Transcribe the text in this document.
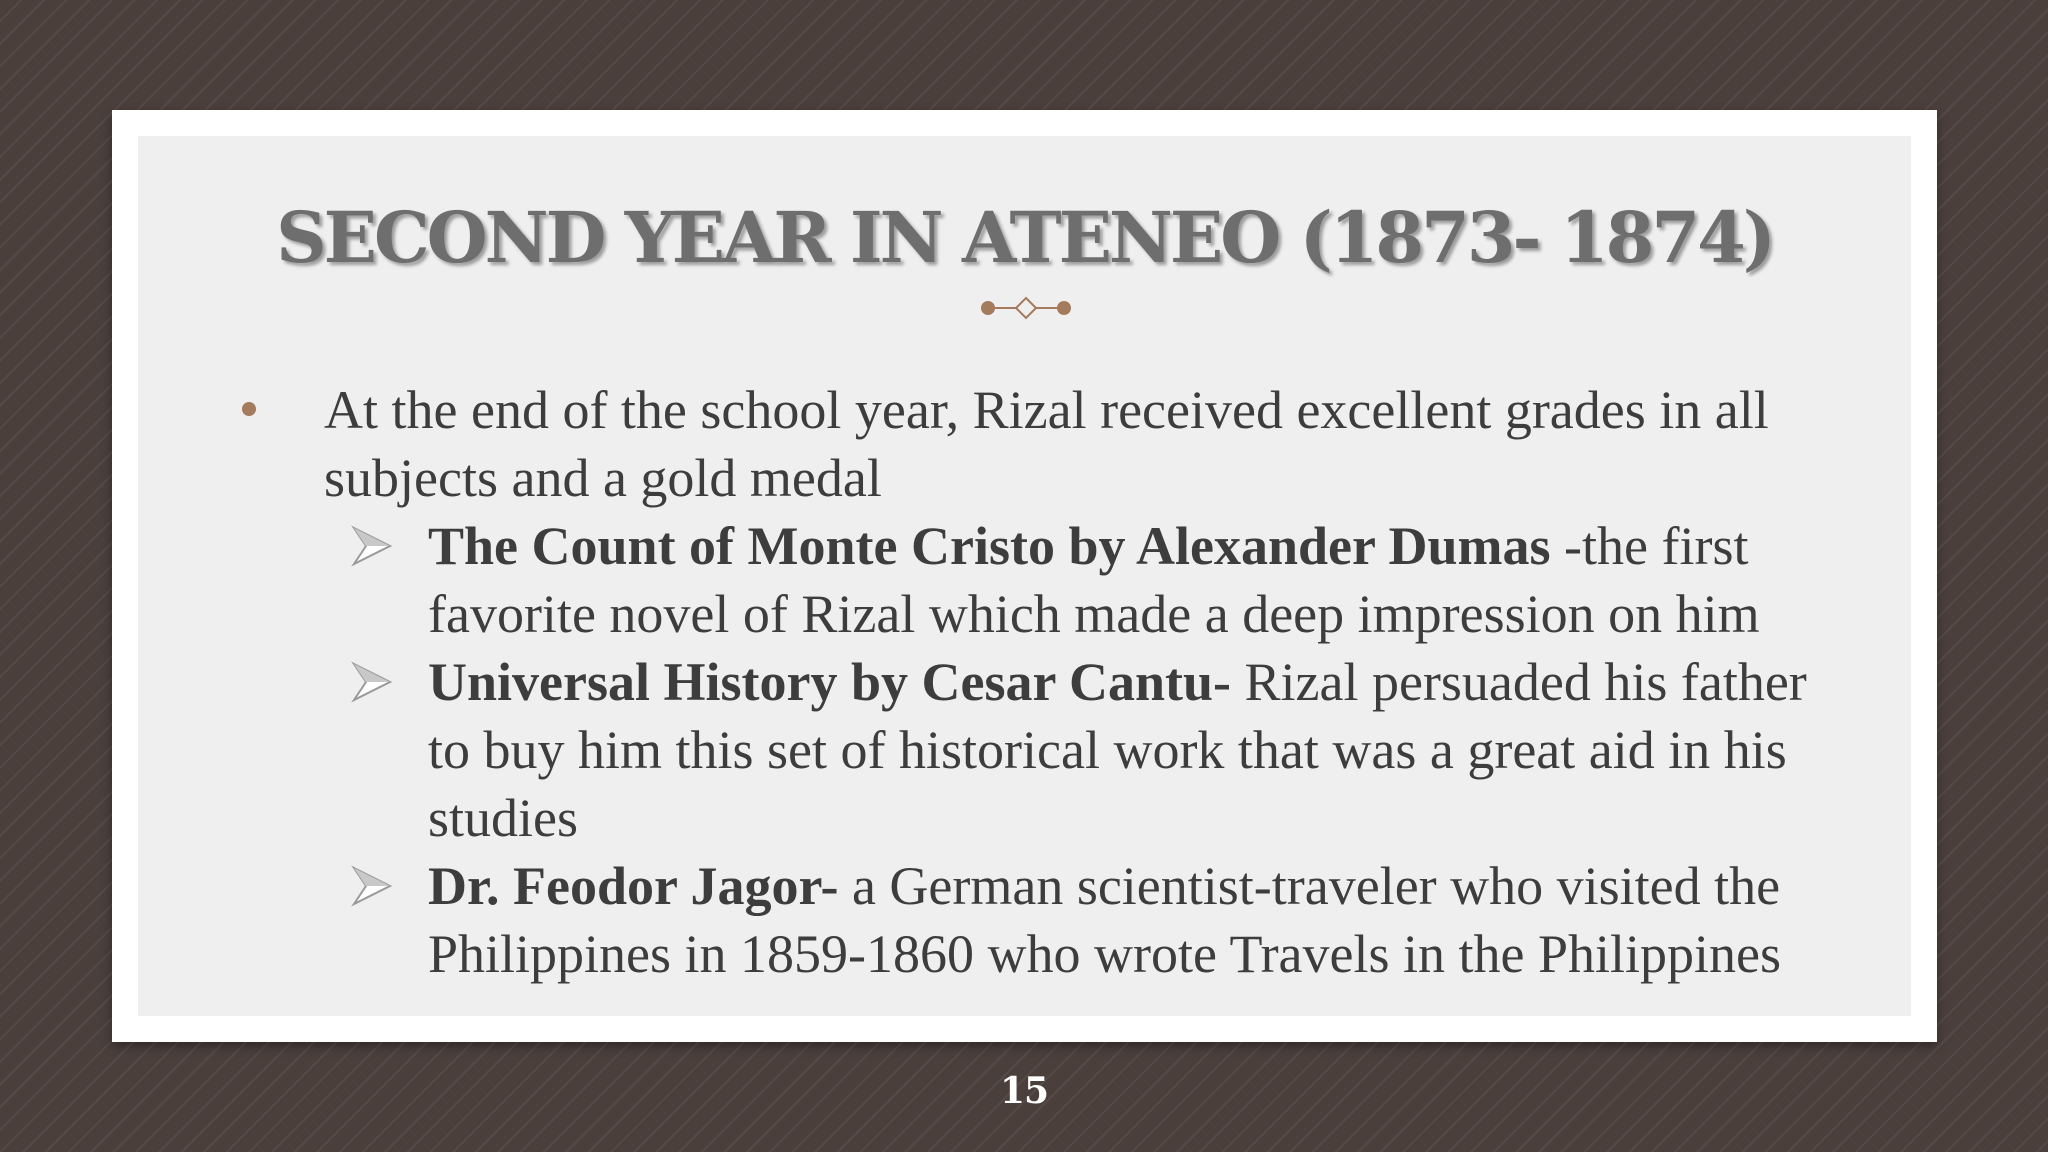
SECOND YEAR IN ATENEO (1873- 1874)
At the end of the school year, Rizal received excellent grades in all subjects and a gold medal
The Count of Monte Cristo by Alexander Dumas -the first favorite novel of Rizal which made a deep impression on him
Universal History by Cesar Cantu- Rizal persuaded his father to buy him this set of historical work that was a great aid in his studies
Dr. Feodor Jagor- a German scientist-traveler who visited the Philippines in 1859-1860 who wrote Travels in the Philippines
15
